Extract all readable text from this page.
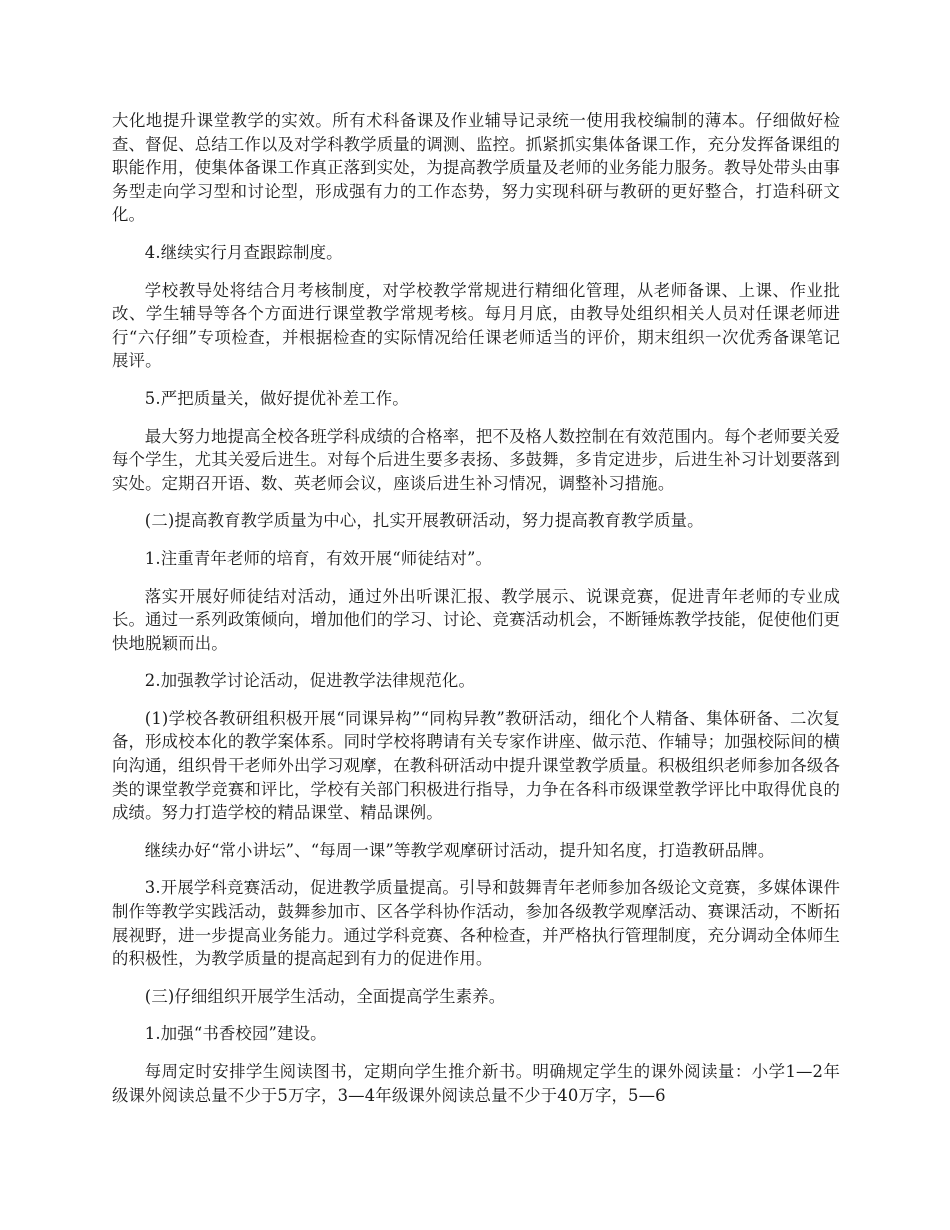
大化地提升课堂教学的实效。所有术科备课及作业辅导记录统一使用我校编制的薄本。仔细做好检查、督促、总结工作以及对学科教学质量的调测、监控。抓紧抓实集体备课工作，充分发挥备课组的职能作用，使集体备课工作真正落到实处，为提高教学质量及老师的业务能力服务。教导处带头由事务型走向学习型和讨论型，形成强有力的工作态势，努力实现科研与教研的更好整合，打造科研文化。

4.继续实行月查跟踪制度。

学校教导处将结合月考核制度，对学校教学常规进行精细化管理，从老师备课、上课、作业批改、学生辅导等各个方面进行课堂教学常规考核。每月月底，由教导处组织相关人员对任课老师进行“六仔细”专项检查，并根据检查的实际情况给任课老师适当的评价，期末组织一次优秀备课笔记展评。

5.严把质量关，做好提优补差工作。

最大努力地提高全校各班学科成绩的合格率，把不及格人数控制在有效范围内。每个老师要关爱每个学生，尤其关爱后进生。对每个后进生要多表扬、多鼓舞，多肯定进步，后进生补习计划要落到实处。定期召开语、数、英老师会议，座谈后进生补习情况，调整补习措施。

(二)提高教育教学质量为中心，扎实开展教研活动，努力提高教育教学质量。

1.注重青年老师的培育，有效开展“师徒结对”。

落实开展好师徒结对活动，通过外出听课汇报、教学展示、说课竞赛，促进青年老师的专业成长。通过一系列政策倾向，增加他们的学习、讨论、竞赛活动机会，不断锤炼教学技能，促使他们更快地脱颖而出。

2.加强教学讨论活动，促进教学法律规范化。

(1)学校各教研组积极开展“同课异构”“同构异教”教研活动，细化个人精备、集体研备、二次复备，形成校本化的教学案体系。同时学校将聘请有关专家作讲座、做示范、作辅导；加强校际间的横向沟通，组织骨干老师外出学习观摩，在教科研活动中提升课堂教学质量。积极组织老师参加各级各类的课堂教学竞赛和评比，学校有关部门积极进行指导，力争在各科市级课堂教学评比中取得优良的成绩。努力打造学校的精品课堂、精品课例。

继续办好“常小讲坛”、“每周一课”等教学观摩研讨活动，提升知名度，打造教研品牌。

3.开展学科竞赛活动，促进教学质量提高。引导和鼓舞青年老师参加各级论文竞赛，多媒体课件制作等教学实践活动，鼓舞参加市、区各学科协作活动，参加各级教学观摩活动、赛课活动，不断拓展视野，进一步提高业务能力。通过学科竞赛、各种检查，并严格执行管理制度，充分调动全体师生的积极性，为教学质量的提高起到有力的促进作用。

(三)仔细组织开展学生活动，全面提高学生素养。

1.加强“书香校园”建设。

每周定时安排学生阅读图书，定期向学生推介新书。明确规定学生的课外阅读量：小学1—2年级课外阅读总量不少于5万字，3—4年级课外阅读总量不少于40万字，5—6
